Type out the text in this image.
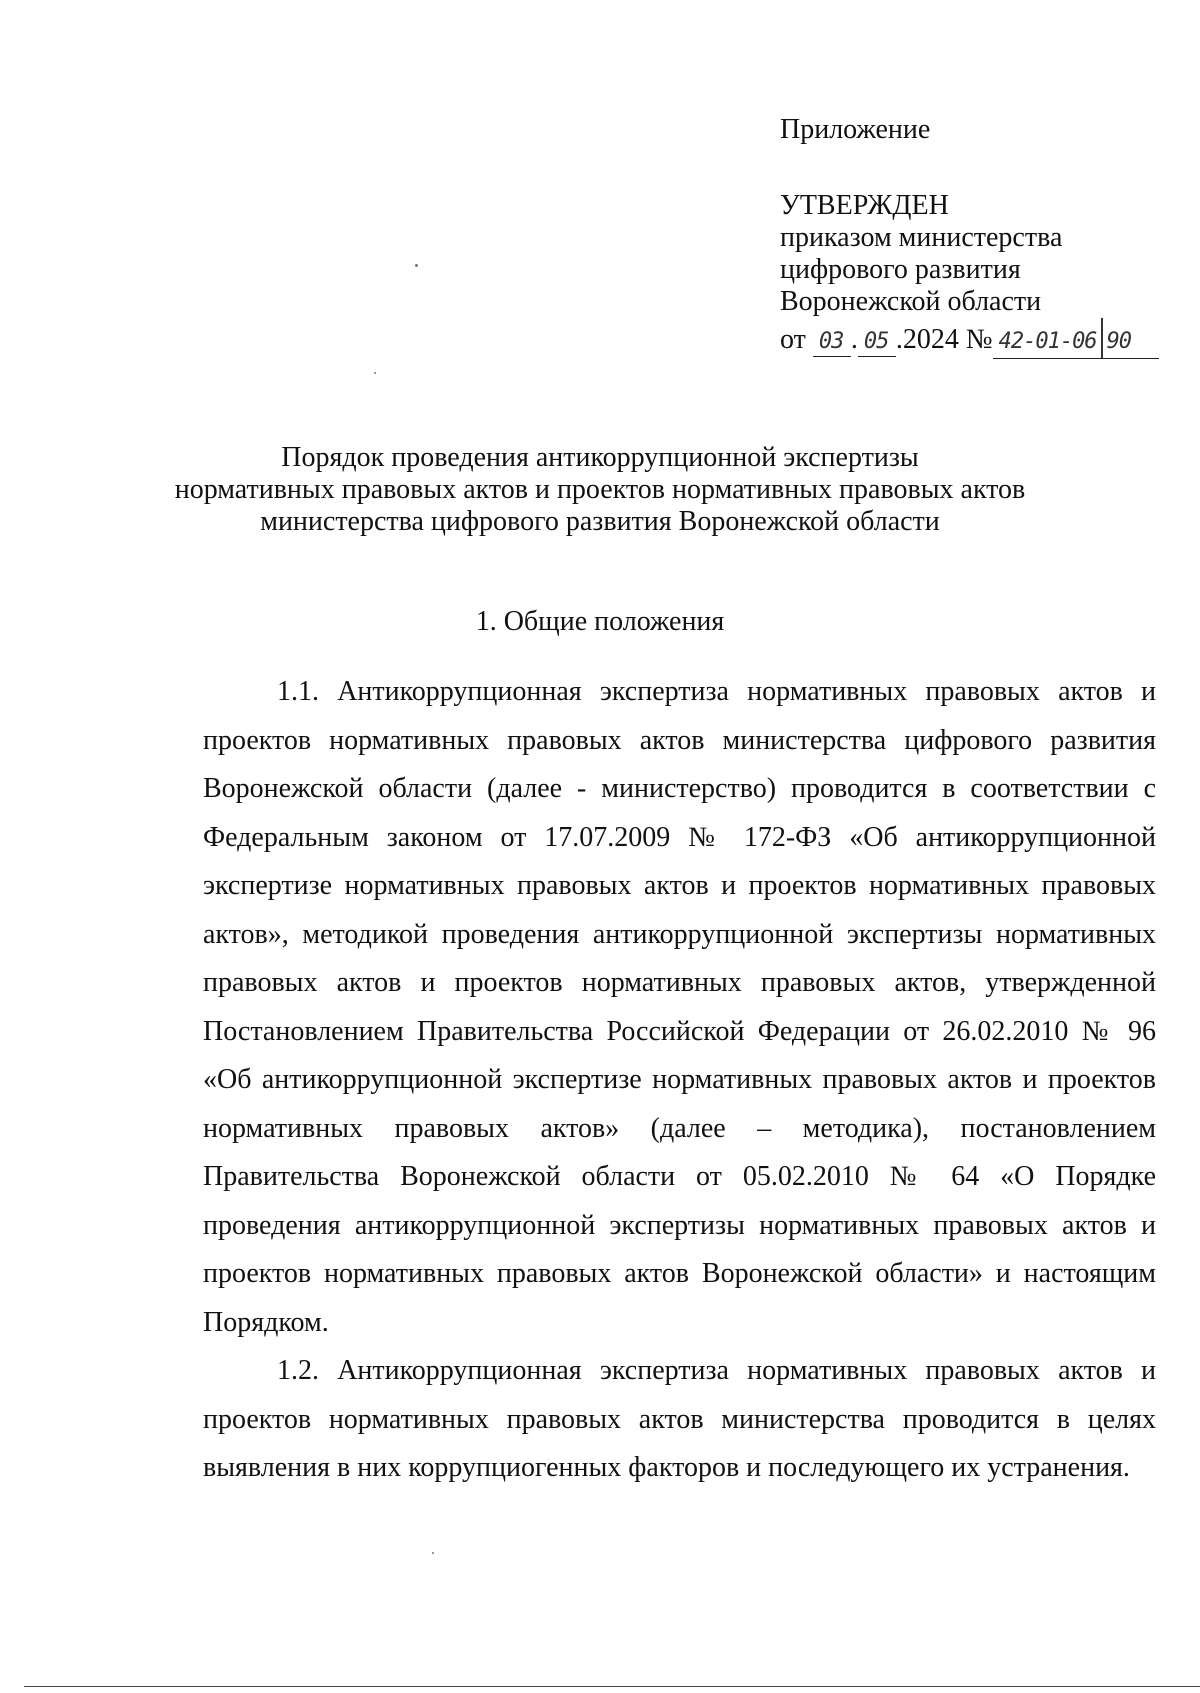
Приложение
УТВЕРЖДЕН
приказом министерства
цифрового развития
Воронежской области
от 03 . 05 .2024 № 42-01-06 90
Порядок проведения антикоррупционной экспертизы
нормативных правовых актов и проектов нормативных правовых актов
министерства цифрового развития Воронежской области
1. Общие положения

1.1. Антикоррупционная экспертиза нормативных правовых актов и проектов нормативных правовых актов министерства цифрового развития Воронежской области (далее - министерство) проводится в соответствии с Федеральным законом от 17.07.2009 № 172-ФЗ «Об антикоррупционной экспертизе нормативных правовых актов и проектов нормативных правовых актов», методикой проведения антикоррупционной экспертизы нормативных правовых актов и проектов нормативных правовых актов, утвержденной Постановлением Правительства Российской Федерации от 26.02.2010 № 96 «Об антикоррупционной экспертизе нормативных правовых актов и проектов нормативных правовых актов» (далее – методика), постановлением Правительства Воронежской области от 05.02.2010 № 64 «О Порядке проведения антикоррупционной экспертизы нормативных правовых актов и проектов нормативных правовых актов Воронежской области» и настоящим Порядком.

1.2. Антикоррупционная экспертиза нормативных правовых актов и проектов нормативных правовых актов министерства проводится в целях выявления в них коррупциогенных факторов и последующего их устранения.
